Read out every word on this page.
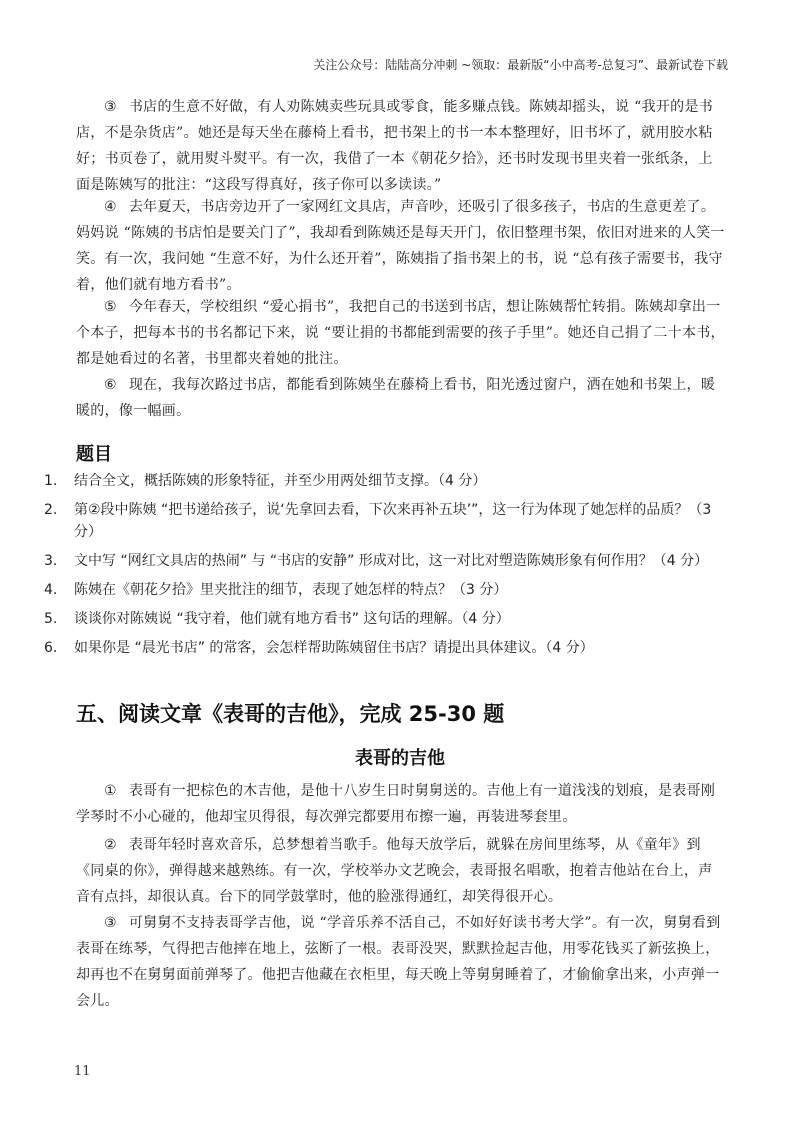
关注公众号：陆陆高分冲刺 ~领取：最新版“小中高考-总复习”、最新试卷下载
③ 书店的生意不好做，有人劝陈姨卖些玩具或零食，能多赚点钱。陈姨却摇头，说 “我开的是书店，不是杂货店”。她还是每天坐在藤椅上看书，把书架上的书一本本整理好，旧书坏了，就用胶水粘好；书页卷了，就用熨斗熨平。有一次，我借了一本《朝花夕拾》，还书时发现书里夹着一张纸条，上面是陈姨写的批注：“这段写得真好，孩子你可以多读读。”
④ 去年夏天，书店旁边开了一家网红文具店，声音吵，还吸引了很多孩子，书店的生意更差了。妈妈说 “陈姨的书店怕是要关门了”，我却看到陈姨还是每天开门，依旧整理书架，依旧对进来的人笑一笑。有一次，我问她 “生意不好，为什么还开着”，陈姨指了指书架上的书，说 “总有孩子需要书，我守着，他们就有地方看书”。
⑤ 今年春天，学校组织 “爱心捐书”，我把自己的书送到书店，想让陈姨帮忙转捐。陈姨却拿出一个本子，把每本书的书名都记下来，说 “要让捐的书都能到需要的孩子手里”。她还自己捐了二十本书，都是她看过的名著，书里都夹着她的批注。
⑥ 现在，我每次路过书店，都能看到陈姨坐在藤椅上看书，阳光透过窗户，洒在她和书架上，暖暖的，像一幅画。
题目
1. 结合全文，概括陈姨的形象特征，并至少用两处细节支撑。（4 分）
2. 第②段中陈姨 “把书递给孩子，说‘先拿回去看，下次来再补五块’”，这一行为体现了她怎样的品质？（3 分）
3. 文中写 “网红文具店的热闹” 与 “书店的安静” 形成对比，这一对比对塑造陈姨形象有何作用？（4 分）
4. 陈姨在《朝花夕拾》里夹批注的细节，表现了她怎样的特点？（3 分）
5. 谈谈你对陈姨说 “我守着，他们就有地方看书” 这句话的理解。（4 分）
6. 如果你是 “晨光书店” 的常客，会怎样帮助陈姨留住书店？请提出具体建议。（4 分）
五、阅读文章《表哥的吉他》，完成 25-30 题
表哥的吉他
① 表哥有一把棕色的木吉他，是他十八岁生日时舅舅送的。吉他上有一道浅浅的划痕，是表哥刚学琴时不小心碰的，他却宝贝得很，每次弹完都要用布擦一遍，再装进琴套里。
② 表哥年轻时喜欢音乐，总梦想着当歌手。他每天放学后，就躲在房间里练琴，从《童年》到《同桌的你》，弹得越来越熟练。有一次，学校举办文艺晚会，表哥报名唱歌，抱着吉他站在台上，声音有点抖，却很认真。台下的同学鼓掌时，他的脸涨得通红，却笑得很开心。
③ 可舅舅不支持表哥学吉他，说 “学音乐养不活自己，不如好好读书考大学”。有一次，舅舅看到表哥在练琴，气得把吉他摔在地上，弦断了一根。表哥没哭，默默捡起吉他，用零花钱买了新弦换上，却再也不在舅舅面前弹琴了。他把吉他藏在衣柜里，每天晚上等舅舅睡着了，才偷偷拿出来，小声弹一会儿。
11
